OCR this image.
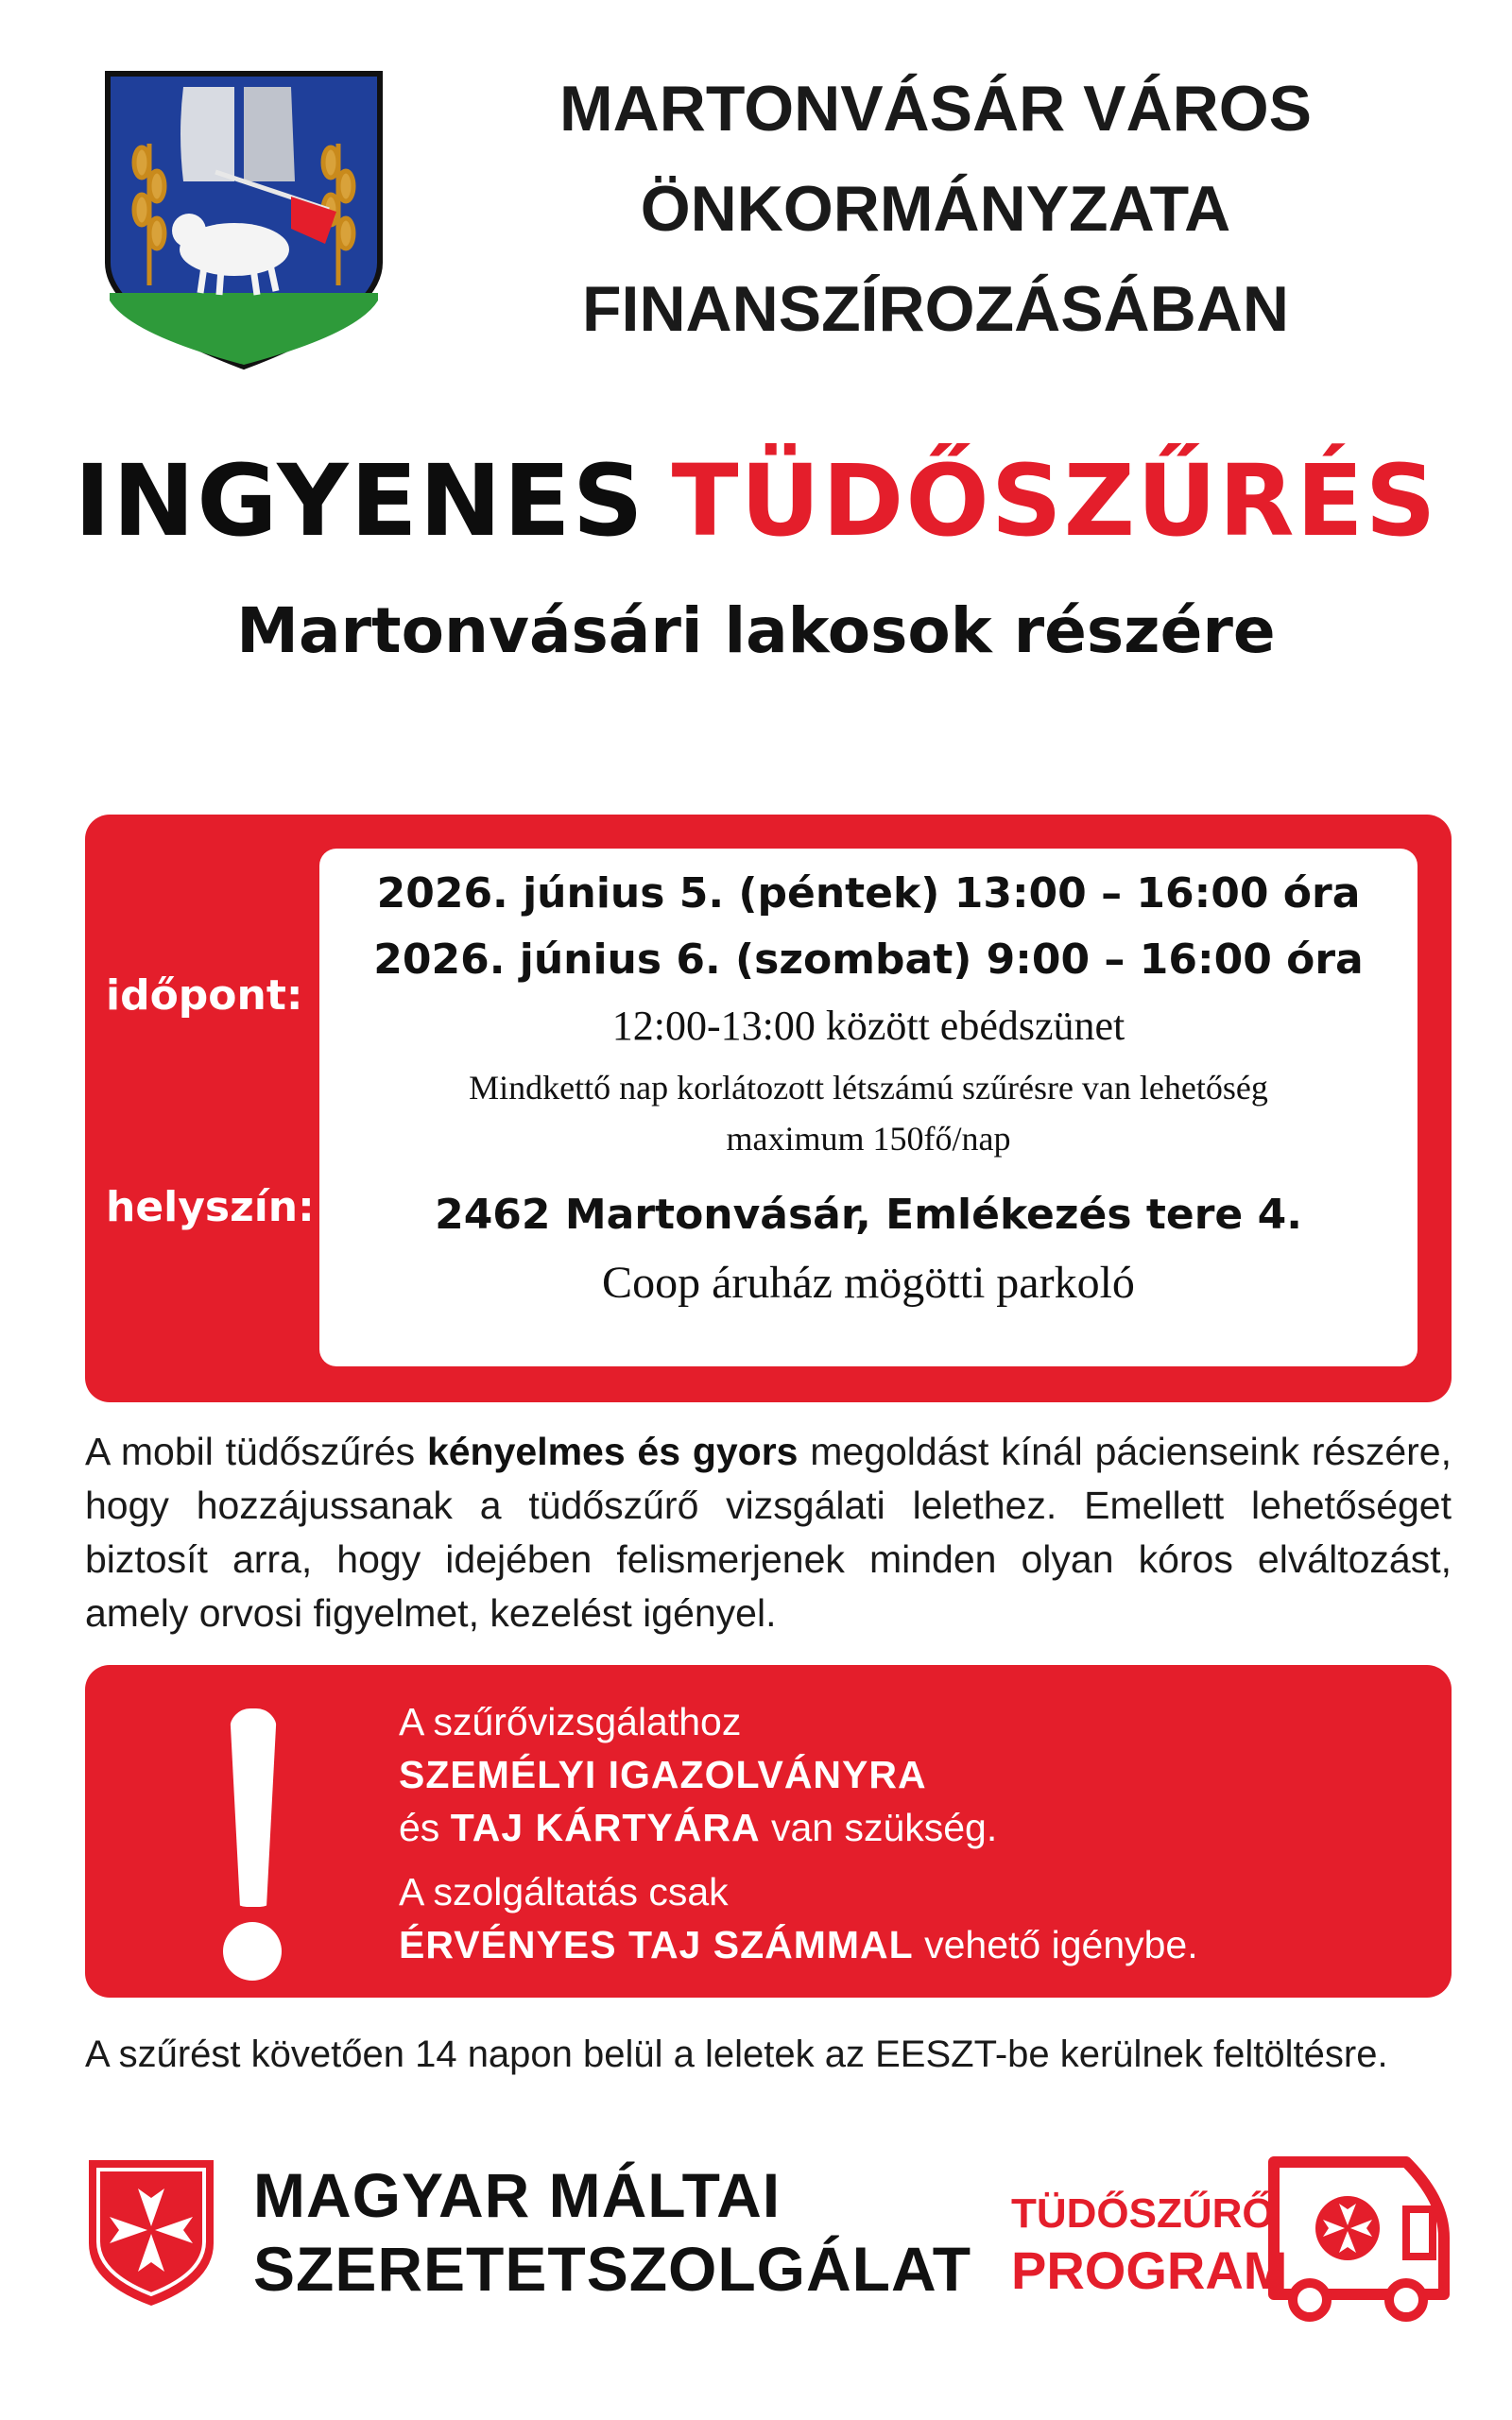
MARTONVÁSÁR VÁROS
ÖNKORMÁNYZATA
FINANSZÍROZÁSÁBAN
INGYENES TÜDŐSZŰRÉS
Martonvásári lakosok részére
időpont:
helyszín:
2026. június 5. (péntek) 13:00 – 16:00 óra
2026. június 6. (szombat) 9:00 – 16:00 óra
12:00-13:00 között ebédszünet
Mindkettő nap korlátozott létszámú szűrésre van lehetőség
maximum 150fő/nap
2462 Martonvásár, Emlékezés tere 4.
Coop áruház mögötti parkoló
A mobil tüdőszűrés kényelmes és gyors megoldást kínál pácienseink részére, hogy hozzájussanak a tüdőszűrő vizsgálati lelethez. Emellett lehetőséget biztosít arra, hogy idejében felismerjenek minden olyan kóros elváltozást, amely orvosi figyelmet, kezelést igényel.
A szűrővizsgálathoz
SZEMÉLYI IGAZOLVÁNYRA
és TAJ KÁRTYÁRA van szükség.
A szolgáltatás csak
ÉRVÉNYES TAJ SZÁMMAL vehető igénybe.
A szűrést követően 14 napon belül a leletek az EESZT-be kerülnek feltöltésre.
MAGYAR MÁLTAI
SZERETETSZOLGÁLAT
TÜDŐSZŰRŐ
PROGRAM
